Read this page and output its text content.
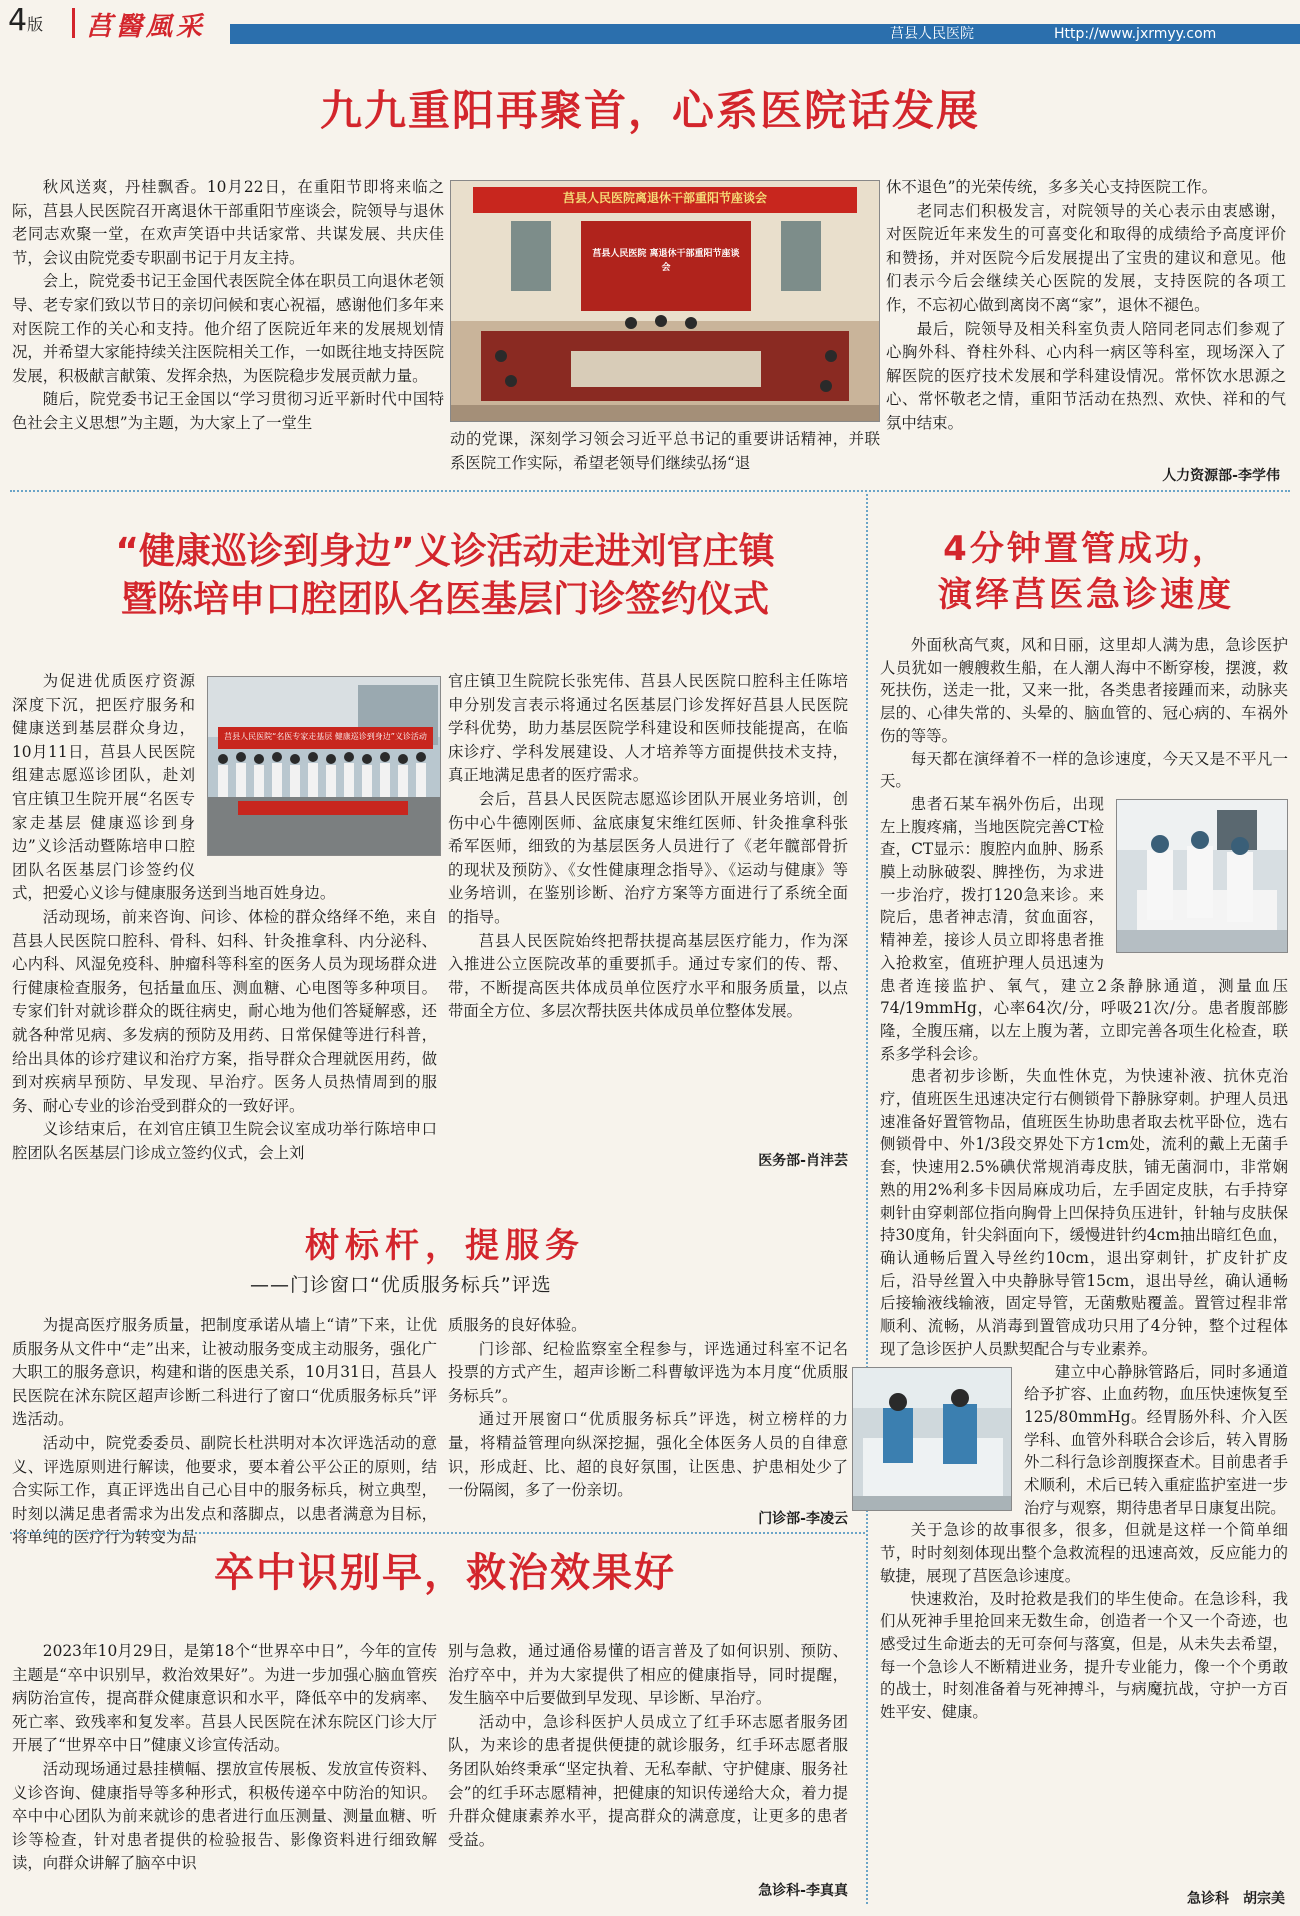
4版 莒醫風采	莒县人民医院	Http://www.jxrmyy.com
九九重阳再聚首，心系医院话发展

秋风送爽，丹桂飘香。10月22日，在重阳节即将来临之际，莒县人民医院召开离退休干部重阳节座谈会，院领导与退休老同志欢聚一堂，在欢声笑语中共话家常、共谋发展、共庆佳节，会议由院党委专职副书记于月友主持。

会上，院党委书记王金国代表医院全体在职员工向退休老领导、老专家们致以节日的亲切问候和衷心祝福，感谢他们多年来对医院工作的关心和支持。他介绍了医院近年来的发展规划情况，并希望大家能持续关注医院相关工作，一如既往地支持医院发展，积极献言献策、发挥余热，为医院稳步发展贡献力量。

随后，院党委书记王金国以“学习贯彻习近平新时代中国特色社会主义思想”为主题，为大家上了一堂生

莒县人民医院离退休干部重阳节座谈会
莒县人民医院 离退休干部重阳节座谈会

动的党课，深刻学习领会习近平总书记的重要讲话精神，并联系医院工作实际，希望老领导们继续弘扬“退

休不退色”的光荣传统，多多关心支持医院工作。

老同志们积极发言，对院领导的关心表示由衷感谢，对医院近年来发生的可喜变化和取得的成绩给予高度评价和赞扬，并对医院今后发展提出了宝贵的建议和意见。他们表示今后会继续关心医院的发展，支持医院的各项工作，不忘初心做到离岗不离“家”，退休不褪色。

最后，院领导及相关科室负责人陪同老同志们参观了心胸外科、脊柱外科、心内科一病区等科室，现场深入了解医院的医疗技术发展和学科建设情况。常怀饮水思源之心、常怀敬老之情，重阳节活动在热烈、欢快、祥和的气氛中结束。

人力资源部-李学伟
“健康巡诊到身边”义诊活动走进刘官庄镇
暨陈培申口腔团队名医基层门诊签约仪式

莒县人民医院“名医专家走基层 健康巡诊到身边”义诊活动
为促进优质医疗资源深度下沉，把医疗服务和健康送到基层群众身边，10月11日，莒县人民医院组建志愿巡诊团队，赴刘官庄镇卫生院开展“名医专家走基层 健康巡诊到身边”义诊活动暨陈培申口腔团队名医基层门诊签约仪式，把爱心义诊与健康服务送到当地百姓身边。

活动现场，前来咨询、问诊、体检的群众络绎不绝，来自莒县人民医院口腔科、骨科、妇科、针灸推拿科、内分泌科、心内科、风湿免疫科、肿瘤科等科室的医务人员为现场群众进行健康检查服务，包括量血压、测血糖、心电图等多种项目。专家们针对就诊群众的既往病史，耐心地为他们答疑解惑，还就各种常见病、多发病的预防及用药、日常保健等进行科普，给出具体的诊疗建议和治疗方案，指导群众合理就医用药，做到对疾病早预防、早发现、早治疗。医务人员热情周到的服务、耐心专业的诊治受到群众的一致好评。

义诊结束后，在刘官庄镇卫生院会议室成功举行陈培申口腔团队名医基层门诊成立签约仪式，会上刘

官庄镇卫生院院长张宪伟、莒县人民医院口腔科主任陈培申分别发言表示将通过名医基层门诊发挥好莒县人民医院学科优势，助力基层医院学科建设和医师技能提高，在临床诊疗、学科发展建设、人才培养等方面提供技术支持，真正地满足患者的医疗需求。

会后，莒县人民医院志愿巡诊团队开展业务培训，创伤中心牛德刚医师、盆底康复宋维红医师、针灸推拿科张希军医师，细致的为基层医务人员进行了《老年髋部骨折的现状及预防》、《女性健康理念指导》、《运动与健康》等业务培训，在鉴别诊断、治疗方案等方面进行了系统全面的指导。

莒县人民医院始终把帮扶提高基层医疗能力，作为深入推进公立医院改革的重要抓手。通过专家们的传、帮、带，不断提高医共体成员单位医疗水平和服务质量，以点带面全方位、多层次帮扶医共体成员单位整体发展。

医务部-肖沣芸
树标杆，提服务
——门诊窗口“优质服务标兵”评选

为提高医疗服务质量，把制度承诺从墙上“请”下来，让优质服务从文件中“走”出来，让被动服务变成主动服务，强化广大职工的服务意识，构建和谐的医患关系，10月31日，莒县人民医院在沭东院区超声诊断二科进行了窗口“优质服务标兵”评选活动。

活动中，院党委委员、副院长杜洪明对本次评选活动的意义、评选原则进行解读，他要求，要本着公平公正的原则，结合实际工作，真正评选出自己心目中的服务标兵，树立典型，时刻以满足患者需求为出发点和落脚点，以患者满意为目标，将单纯的医疗行为转变为品

质服务的良好体验。

门诊部、纪检监察室全程参与，评选通过科室不记名投票的方式产生，超声诊断二科曹敏评选为本月度“优质服务标兵”。

通过开展窗口“优质服务标兵”评选，树立榜样的力量，将精益管理向纵深挖掘，强化全体医务人员的自律意识，形成赶、比、超的良好氛围，让医患、护患相处少了一份隔阂，多了一份亲切。

门诊部-李凌云
卒中识别早，救治效果好

2023年10月29日，是第18个“世界卒中日”，今年的宣传主题是“卒中识别早，救治效果好”。为进一步加强心脑血管疾病防治宣传，提高群众健康意识和水平，降低卒中的发病率、死亡率、致残率和复发率。莒县人民医院在沭东院区门诊大厅开展了“世界卒中日”健康义诊宣传活动。

活动现场通过悬挂横幅、摆放宣传展板、发放宣传资料、义诊咨询、健康指导等多种形式，积极传递卒中防治的知识。卒中中心团队为前来就诊的患者进行血压测量、测量血糖、听诊等检查，针对患者提供的检验报告、影像资料进行细致解读，向群众讲解了脑卒中识

别与急救，通过通俗易懂的语言普及了如何识别、预防、治疗卒中，并为大家提供了相应的健康指导，同时提醒，发生脑卒中后要做到早发现、早诊断、早治疗。

活动中，急诊科医护人员成立了红手环志愿者服务团队，为来诊的患者提供便捷的就诊服务，红手环志愿者服务团队始终秉承“坚定执着、无私奉献、守护健康、服务社会”的红手环志愿精神，把健康的知识传递给大众，着力提升群众健康素养水平，提高群众的满意度，让更多的患者受益。

急诊科-李真真
4分钟置管成功，
演绎莒医急诊速度

外面秋高气爽，风和日丽，这里却人满为患，急诊医护人员犹如一艘艘救生船，在人潮人海中不断穿梭，摆渡，救死扶伤，送走一批，又来一批，各类患者接踵而来，动脉夹层的、心律失常的、头晕的、脑血管的、冠心病的、车祸外伤的等等。

每天都在演绎着不一样的急诊速度，今天又是不平凡一天。

患者石某车祸外伤后，出现左上腹疼痛，当地医院完善CT检查，CT显示：腹腔内血肿、肠系膜上动脉破裂、脾挫伤，为求进一步治疗，拨打120急来诊。来院后，患者神志清，贫血面容，精神差，接诊人员立即将患者推入抢救室，值班护理人员迅速为患者连接监护、氧气，建立2条静脉通道，测量血压74/19mmHg，心率64次/分，呼吸21次/分。患者腹部膨隆，全腹压痛，以左上腹为著，立即完善各项生化检查，联系多学科会诊。

患者初步诊断，失血性休克，为快速补液、抗休克治疗，值班医生迅速决定行右侧锁骨下静脉穿刺。护理人员迅速准备好置管物品，值班医生协助患者取去枕平卧位，选右侧锁骨中、外1/3段交界处下方1cm处，流利的戴上无菌手套，快速用2.5%碘伏常规消毒皮肤，铺无菌洞巾，非常娴熟的用2%利多卡因局麻成功后，左手固定皮肤，右手持穿刺针由穿刺部位指向胸骨上凹保持负压进针，针轴与皮肤保持30度角，针尖斜面向下，缓慢进针约4cm抽出暗红色血，确认通畅后置入导丝约10cm，退出穿刺针，扩皮针扩皮后，沿导丝置入中央静脉导管15cm，退出导丝，确认通畅后接输液线输液，固定导管，无菌敷贴覆盖。置管过程非常顺利、流畅，从消毒到置管成功只用了4分钟，整个过程体现了急诊医护人员默契配合与专业素养。

建立中心静脉管路后，同时多通道给予扩容、止血药物，血压快速恢复至125/80mmHg。经胃肠外科、介入医学科、血管外科联合会诊后，转入胃肠外二科行急诊剖腹探查术。目前患者手术顺利，术后已转入重症监护室进一步治疗与观察，期待患者早日康复出院。

关于急诊的故事很多，很多，但就是这样一个简单细节，时时刻刻体现出整个急救流程的迅速高效，反应能力的敏捷，展现了莒医急诊速度。

快速救治，及时抢救是我们的毕生使命。在急诊科，我们从死神手里抢回来无数生命，创造者一个又一个奇迹，也感受过生命逝去的无可奈何与落寞，但是，从未失去希望，每一个急诊人不断精进业务，提升专业能力，像一个个勇敢的战士，时刻准备着与死神搏斗，与病魔抗战，守护一方百姓平安、健康。

急诊科　胡宗美
